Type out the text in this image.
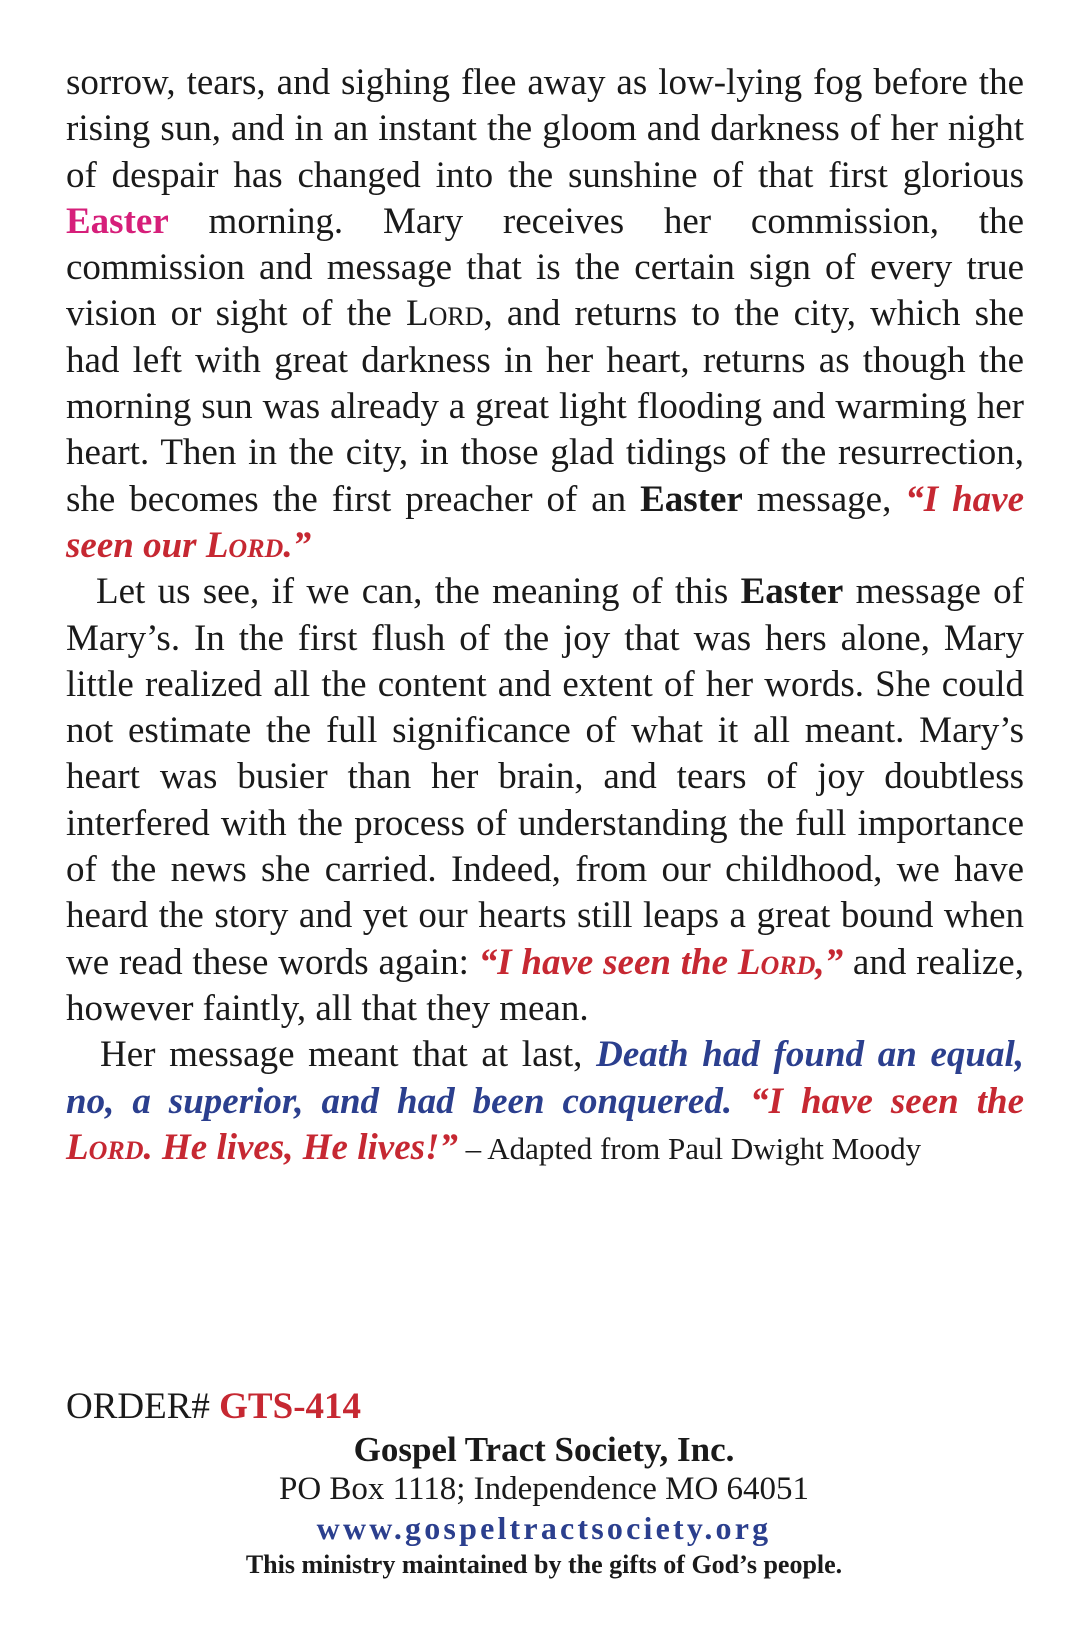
sorrow, tears, and sighing flee away as low-lying fog before the rising sun, and in an instant the gloom and darkness of her night of despair has changed into the sunshine of that first glorious Easter morning. Mary receives her commission, the commission and message that is the certain sign of every true vision or sight of the Lord, and returns to the city, which she had left with great darkness in her heart, returns as though the morning sun was already a great light flooding and warming her heart. Then in the city, in those glad tidings of the resurrection, she becomes the first preacher of an Easter message, “I have seen our Lord.”

Let us see, if we can, the meaning of this Easter message of Mary’s. In the first flush of the joy that was hers alone, Mary little realized all the content and extent of her words. She could not estimate the full significance of what it all meant. Mary’s heart was busier than her brain, and tears of joy doubtless interfered with the process of understanding the full importance of the news she carried. Indeed, from our childhood, we have heard the story and yet our hearts still leaps a great bound when we read these words again: “I have seen the Lord,” and realize, however faintly, all that they mean.

Her message meant that at last, Death had found an equal, no, a superior, and had been conquered. “I have seen the Lord. He lives, He lives!” – Adapted from Paul Dwight Moody

ORDER# GTS-414
Gospel Tract Society, Inc.
PO Box 1118; Independence MO 64051
www.gospeltractsociety.org
This ministry maintained by the gifts of God’s people.
